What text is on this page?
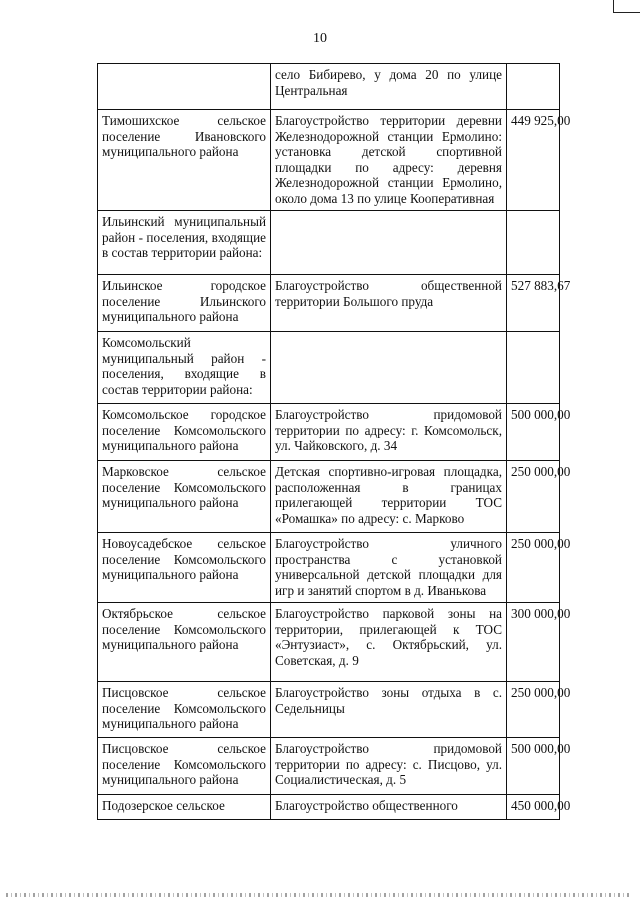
10
	село Бибирево, у дома 20 по улице Центральная	
Тимошихское сельское поселение Ивановского муниципального района	Благоустройство территории деревни Железнодорожной станции Ермолино: установка детской спортивной площадки по адресу: деревня Железнодорожной станции Ермолино, около дома 13 по улице Кооперативная	449 925,00
Ильинский муниципальный район - поселения, входящие в состав территории района:		
Ильинское городское поселение Ильинского муниципального района	Благоустройство общественной территории Большого пруда	527 883,67
Комсомольский муниципальный район - поселения, входящие в состав территории района:		
Комсомольское городское поселение Комсомольского муниципального района	Благоустройство придомовой территории по адресу: г. Комсомольск, ул. Чайковского, д. 34	500 000,00
Марковское сельское поселение Комсомольского муниципального района	Детская спортивно-игровая площадка, расположенная в границах прилегающей территории ТОС «Ромашка» по адресу: с. Марково	250 000,00
Новоусадебское сельское поселение Комсомольского муниципального района	Благоустройство уличного пространства с установкой универсальной детской площадки для игр и занятий спортом в д. Иванькова	250 000,00
Октябрьское сельское поселение Комсомольского муниципального района	Благоустройство парковой зоны на территории, прилегающей к ТОС «Энтузиаст», с. Октябрьский, ул. Советская, д. 9	300 000,00
Писцовское сельское поселение Комсомольского муниципального района	Благоустройство зоны отдыха в с. Седельницы	250 000,00
Писцовское сельское поселение Комсомольского муниципального района	Благоустройство придомовой территории по адресу: с. Писцово, ул. Социалистическая, д. 5	500 000,00
Подозерское сельское	Благоустройство общественного	450 000,00
